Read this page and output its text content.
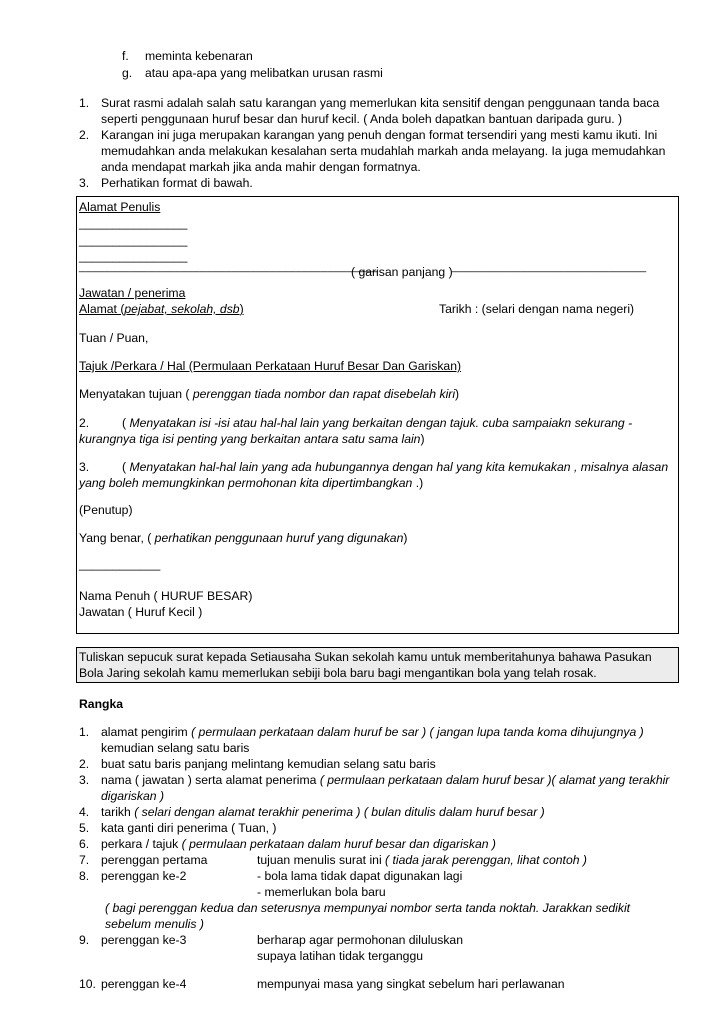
f. meminta kebenaran
g. atau apa-apa yang melibatkan urusan rasmi
1. Surat rasmi adalah salah satu karangan yang memerlukan kita sensitif dengan penggunaan tanda baca
seperti penggunaan huruf besar dan huruf kecil. ( Anda boleh dapatkan bantuan daripada guru. )
2. Karangan ini juga merupakan karangan yang penuh dengan format tersendiri yang mesti kamu ikuti. Ini
memudahkan anda melakukan kesalahan serta mudahlah markah anda melayang. Ia juga memudahkan
anda mendapat markah jika anda mahir dengan formatnya.
3. Perhatikan format di bawah.
Alamat Penulis
________________
________________
________________
_______________________________________________
( garisan panjang ) _______________________________
Jawatan / penerima
Alamat (pejabat, sekolah, dsb)	Tarikh : (selari dengan nama negeri)
Tuan / Puan,
Tajuk /Perkara / Hal (Permulaan Perkataan Huruf Besar Dan Gariskan)
Menyatakan tujuan ( perenggan tiada nombor dan rapat disebelah kiri)
2.	( Menyatakan isi -isi atau hal-hal lain yang berkaitan dengan tajuk. cuba sampaiakn sekurang -
kurangnya tiga isi penting yang berkaitan antara satu sama lain)
3.	( Menyatakan hal-hal lain yang ada hubungannya dengan hal yang kita kemukakan , misalnya alasan
yang boleh memungkinkan permohonan kita dipertimbangkan .)
(Penutup)
Yang benar, ( perhatikan penggunaan huruf yang digunakan)
____________
Nama Penuh ( HURUF BESAR)
Jawatan ( Huruf Kecil )
Tuliskan sepucuk surat kepada Setiausaha Sukan sekolah kamu untuk memberitahunya bahawa Pasukan
Bola Jaring sekolah kamu memerlukan sebiji bola baru bagi mengantikan bola yang telah rosak.
Rangka
1. alamat pengirim ( permulaan perkataan dalam huruf be sar ) ( jangan lupa tanda koma dihujungnya )
kemudian selang satu baris
2. buat satu baris panjang melintang kemudian selang satu baris
3. nama ( jawatan ) serta alamat penerima ( permulaan perkataan dalam huruf besar )( alamat yang terakhir
digariskan )
4. tarikh ( selari dengan alamat terakhir penerima ) ( bulan ditulis dalam huruf besar )
5. kata ganti diri penerima ( Tuan, )
6. perkara / tajuk ( permulaan perkataan dalam huruf besar dan digariskan )
7. perenggan pertama	tujuan menulis surat ini ( tiada jarak perenggan, lihat contoh )
8. perenggan ke-2	- bola lama tidak dapat digunakan lagi
- memerlukan bola baru
( bagi perenggan kedua dan seterusnya mempunyai nombor serta tanda noktah. Jarakkan sedikit
sebelum menulis )
9. perenggan ke-3	berharap agar permohonan diluluskan
supaya latihan tidak terganggu
10. perenggan ke-4	mempunyai masa yang singkat sebelum hari perlawanan
